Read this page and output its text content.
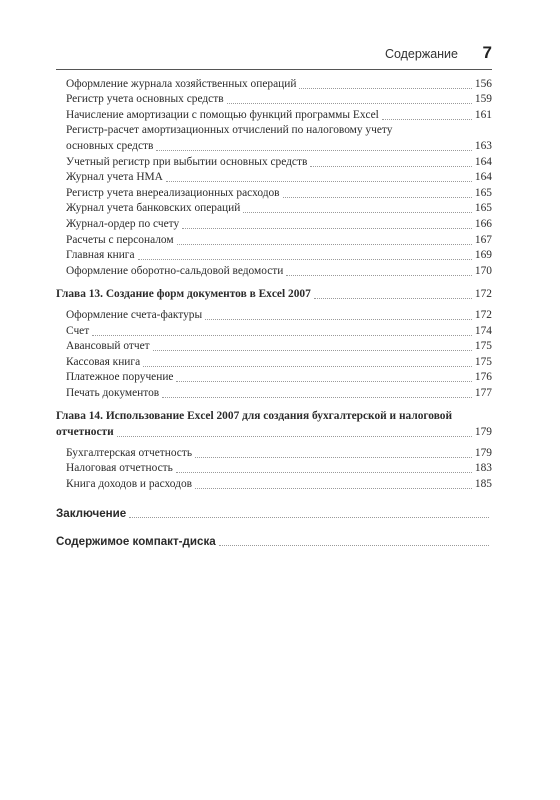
Содержание 7
Оформление журнала хозяйственных операций	156
Регистр учета основных средств	159
Начисление амортизации с помощью функций программы Excel	161
Регистр-расчет амортизационных отчислений по налоговому учету
основных средств	163
Учетный регистр при выбытии основных средств	164
Журнал учета НМА	164
Регистр учета внереализационных расходов	165
Журнал учета банковских операций	165
Журнал-ордер по счету	166
Расчеты с персоналом	167
Главная книга	169
Оформление оборотно-сальдовой ведомости	170
Глава 13. Создание форм документов в Excel 2007	172
Оформление счета-фактуры	172
Счет	174
Авансовый отчет	175
Кассовая книга	175
Платежное поручение	176
Печать документов	177
Глава 14. Использование Excel 2007 для создания бухгалтерской и налоговой
отчетности	179
Бухгалтерская отчетность	179
Налоговая отчетность	183
Книга доходов и расходов	185
Заключение
Содержимое компакт-диска
